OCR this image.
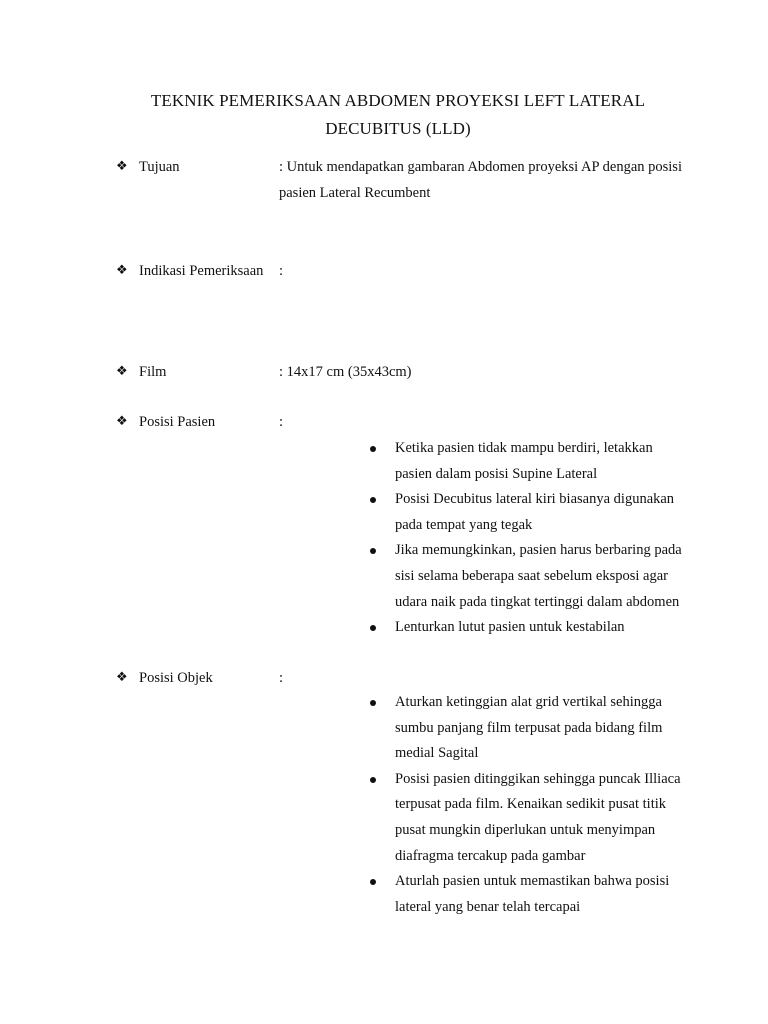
TEKNIK PEMERIKSAAN ABDOMEN PROYEKSI LEFT LATERAL
DECUBITUS (LLD)
❖ Tujuan	: Untuk mendapatkan gambaran Abdomen proyeksi AP dengan posisi pasien Lateral Recumbent
❖ Indikasi Pemeriksaan :
❖ Film	: 14x17 cm (35x43cm)
❖ Posisi Pasien	:
Ketika pasien tidak mampu berdiri, letakkan pasien dalam posisi Supine Lateral
Posisi Decubitus lateral kiri biasanya digunakan pada tempat yang tegak
Jika memungkinkan, pasien harus berbaring pada sisi selama beberapa saat sebelum eksposi agar udara naik pada tingkat tertinggi dalam abdomen
Lenturkan lutut pasien untuk kestabilan
❖ Posisi Objek	:
Aturkan ketinggian alat grid vertikal sehingga sumbu panjang film terpusat pada bidang film medial Sagital
Posisi pasien ditinggikan sehingga puncak Illiaca terpusat pada film. Kenaikan sedikit pusat titik pusat mungkin diperlukan untuk menyimpan diafragma tercakup pada gambar
Aturlah pasien untuk memastikan bahwa posisi lateral yang benar telah tercapai
